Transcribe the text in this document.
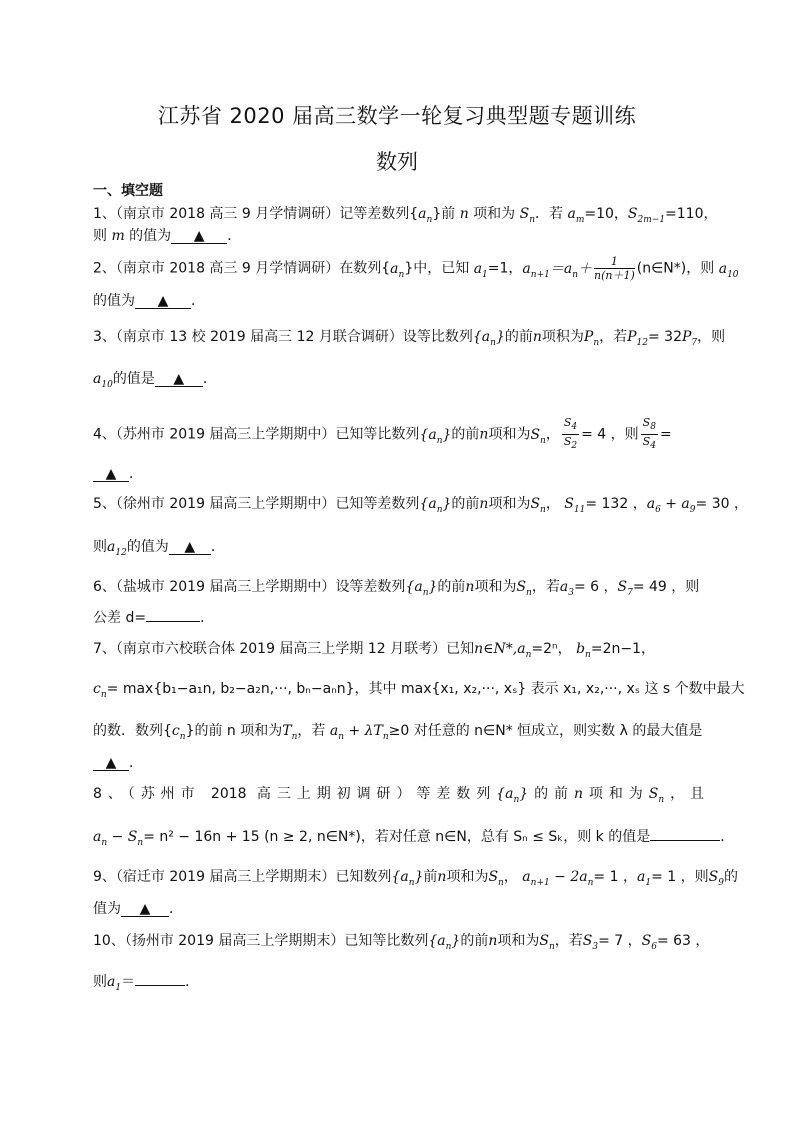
江苏省 2020 届高三数学一轮复习典型题专题训练
数列
一、填空题
1、（南京市 2018 高三 9 月学情调研）记等差数列$\{a_n\}$前 n 项和为 $S_n$．若 $a_m=10$，$S_{2m-1}=110$，
则 m 的值为 ▲ ．
2、（南京市 2018 高三 9 月学情调研）在数列$\{a_n\}$中，已知 $a_1=1$，$a_{n+1}=a_n+ \frac{1}{n(n+1)}$ (n∈N*)，则 $a_{10}$
的值为 ▲ ．
3、（南京市 13 校 2019 届高三 12 月联合调研）设等比数列$\{a_n\}$的前n项积为$P_n$，若$P_{12}= 32P_7$，则
$a_{10}$的值是 ▲ ．
4、（苏州市 2019 届高三上学期期中）已知等比数列$\{a_n\}$的前n项和为$S_n$， $\frac{S_4}{S_2} = 4$ ，则 $\frac{S_8}{S_4}$ =
▲ ．
5、（徐州市 2019 届高三上学期期中）已知等差数列$\{a_n\}$的前n项和为$S_n$， $S_{11}= 132$ ，$a_6 + a_9= 30$ ，
则$a_{12}$的值为 ▲ ．
6、（盐城市 2019 届高三上学期期中）设等差数列$\{a_n\}$的前n项和为$S_n$，若$a_3= 6$ ，$S_7= 49$ ，则
公差 d=	．
7、（南京市六校联合体 2019 届高三上学期 12 月联考）已知$n\in N*,a_n=2^n$， $b_n=2n-1$，
$c_n= \max\{b_1-a_1n$, b₂−a₂n,···, bₙ−aₙn}，其中 max{x₁, x₂,···, xₛ} 表示 x₁, x₂,···, xₛ 这 s 个数中最大
的数．数列$\{c_n\}$的前 n 项和为$T_n$，若 $a_n + \lambda T_n\ge 0$ 对任意的 n∈N* 恒成立，则实数 λ 的最大值是
▲ ．
8、（苏州市 2018 高三上期初调研）等差数列$\{a_n\}$的前n项和为$S_n$，且
$a_n - S_n= n^2 - 16n + 15$ (n ≥ 2, n∈N*)，若对任意 n∈N，总有 Sₙ ≤ Sₖ，则 k 的值是	．
9、（宿迁市 2019 届高三上学期期末）已知数列$\{a_n\}$前n项和为$S_n$， $a_{n+1} - 2a_n= 1$ ，$a_1= 1$ ，则$S_9$的
值为 ▲ ．
10、（扬州市 2019 届高三上学期期末）已知等比数列$\{a_n\}$的前n项和为$S_n$，若$S_3= 7$ ，$S_6= 63$ ，
则$a_1=$	．
